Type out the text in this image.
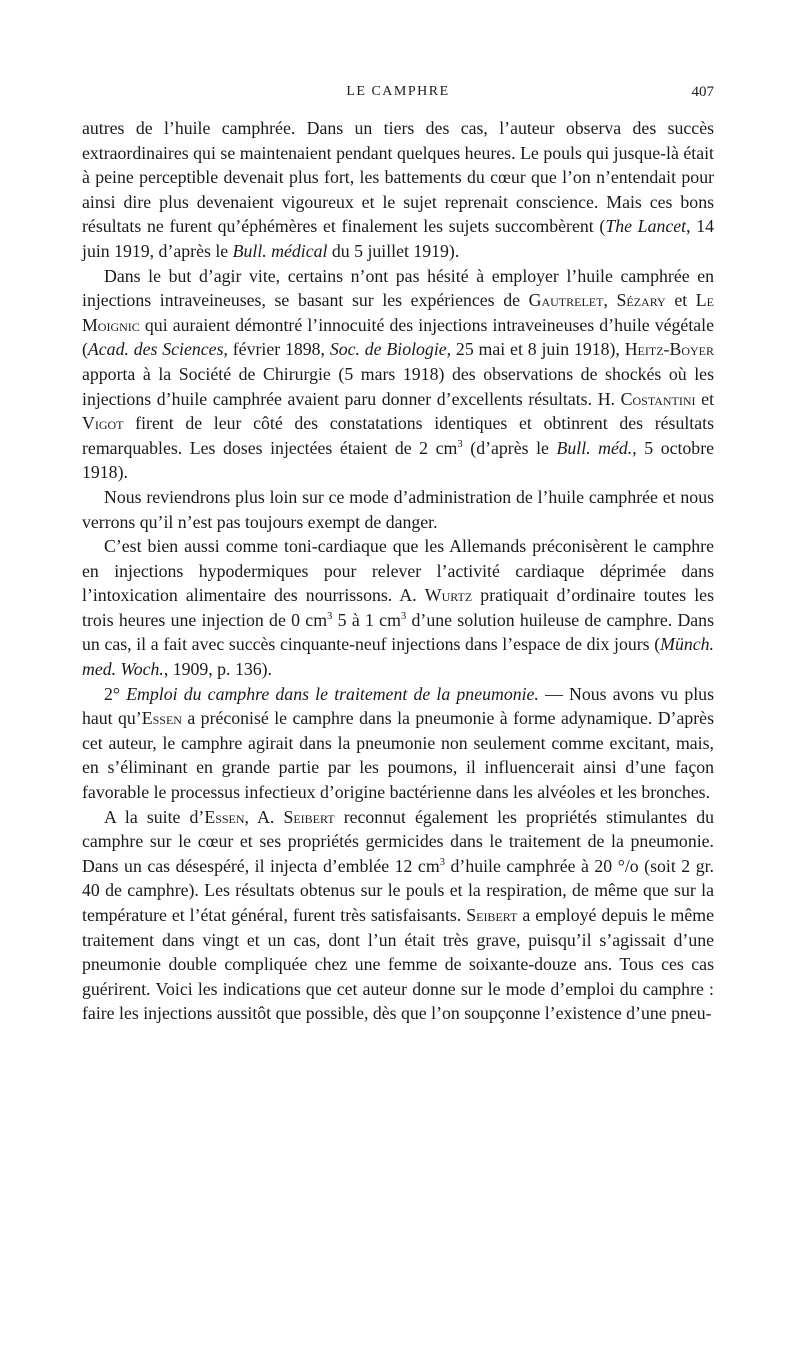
LE CAMPHRE	407

autres de l’huile camphrée. Dans un tiers des cas, l’auteur observa des succès extraordinaires qui se maintenaient pendant quelques heures. Le pouls qui jusque-là était à peine perceptible devenait plus fort, les battements du cœur que l’on n’entendait pour ainsi dire plus devenaient vigoureux et le sujet reprenait conscience. Mais ces bons résultats ne furent qu’éphémères et finalement les sujets succombèrent (The Lancet, 14 juin 1919, d’après le Bull. médical du 5 juillet 1919).

Dans le but d’agir vite, certains n’ont pas hésité à employer l’huile camphrée en injections intraveineuses, se basant sur les expériences de Gautrelet, Sézary et Le Moignic qui auraient démontré l’innocuité des injections intraveineuses d’huile végétale (Acad. des Sciences, février 1898, Soc. de Biologie, 25 mai et 8 juin 1918), Heitz-Boyer apporta à la Société de Chirurgie (5 mars 1918) des observations de shockés où les injections d’huile camphrée avaient paru donner d’excellents résultats. H. Costantini et Vigot firent de leur côté des constatations identiques et obtinrent des résultats remarquables. Les doses injectées étaient de 2 $cm^3$ (d’après le Bull. méd., 5 octobre 1918).

Nous reviendrons plus loin sur ce mode d’administration de l’huile camphrée et nous verrons qu’il n’est pas toujours exempt de danger.

C’est bien aussi comme toni-cardiaque que les Allemands préconisèrent le camphre en injections hypodermiques pour relever l’activité cardiaque déprimée dans l’intoxication alimentaire des nourrissons. A. Wurtz pratiquait d’ordinaire toutes les trois heures une injection de 0 $cm^3$ 5 à 1 $cm^3$ d’une solution huileuse de camphre. Dans un cas, il a fait avec succès cinquante-neuf injections dans l’espace de dix jours (Münch. med. Woch., 1909, p. 136).

2° Emploi du camphre dans le traitement de la pneumonie. — Nous avons vu plus haut qu’Essen a préconisé le camphre dans la pneumonie à forme adynamique. D’après cet auteur, le camphre agirait dans la pneumonie non seulement comme excitant, mais, en s’éliminant en grande partie par les poumons, il influencerait ainsi d’une façon favorable le processus infectieux d’origine bactérienne dans les alvéoles et les bronches.

A la suite d’Essen, A. Seibert reconnut également les propriétés stimulantes du camphre sur le cœur et ses propriétés germicides dans le traitement de la pneumonie. Dans un cas désespéré, il injecta d’emblée 12 $cm^3$ d’huile camphrée à 20 °/o (soit 2 gr. 40 de camphre). Les résultats obtenus sur le pouls et la respiration, de même que sur la température et l’état général, furent très satisfaisants. Seibert a employé depuis le même traitement dans vingt et un cas, dont l’un était très grave, puisqu’il s’agissait d’une pneumonie double compliquée chez une femme de soixante-douze ans. Tous ces cas guérirent. Voici les indications que cet auteur donne sur le mode d’emploi du camphre : faire les injections aussitôt que possible, dès que l’on soupçonne l’existence d’une pneu-
